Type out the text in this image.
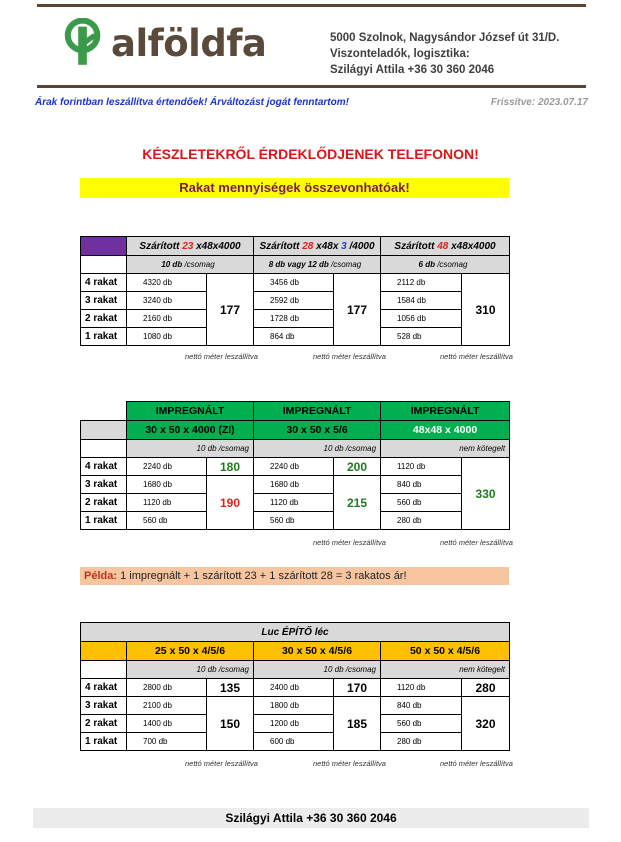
alföldfa	5000 Szolnok, Nagysándor József út 31/D.
Viszonteladók, logisztika:
Szilágyi Attila +36 30 360 2046
Árak forintban leszállítva értendőek! Árváltozást jogát fenntartom!	Frissítve: 2023.07.17
KÉSZLETEKRŐL ÉRDEKLŐDJENEK TELEFONON!
Rakat mennyiségek összevonhatóak!
	Szárított 23 x48x4000		Szárított 28 x48x 3 /4000		Szárított 48 x48x4000	
	10 db /csomag		8 db vagy 12 db /csomag		6 db /csomag	
4 rakat	4320 db	177	3456 db	177	2112 db	310
3 rakat	3240 db		2592 db		1584 db	
2 rakat	2160 db		1728 db		1056 db	
1 rakat	1080 db		864 db		528 db	
nettó méter leszállítva	nettó méter leszállítva	nettó méter leszállítva
	IMPREGNÁLT		IMPREGNÁLT		IMPREGNÁLT	
	30 x 50 x 4000 (ZI)		30 x 50 x 5/6		48x48 x 4000	
	10 db /csomag		10 db /csomag		nem kötegelt	
4 rakat	2240 db	180	2240 db	200	1120 db	330
3 rakat	1680 db	190	1680 db	215	840 db	
2 rakat	1120 db		1120 db		560 db	
1 rakat	560 db		560 db		280 db	
nettó méter leszállítva	nettó méter leszállítva
Példa: 1 impregnált + 1 szárított 23 + 1 szárított 28 = 3 rakatos ár!
Luc ÉPÍTŐ léc						
	25 x 50 x 4/5/6		30 x 50 x 4/5/6		50 x 50 x 4/5/6	
	10 db /csomag		10 db /csomag		nem kötegelt	
4 rakat	2800 db	135	2400 db	170	1120 db	280
3 rakat	2100 db	150	1800 db	185	840 db	320
2 rakat	1400 db		1200 db		560 db	
1 rakat	700 db		600 db		280 db	
nettó méter leszállítva	nettó méter leszállítva	nettó méter leszállítva
Szilágyi Attila +36 30 360 2046
